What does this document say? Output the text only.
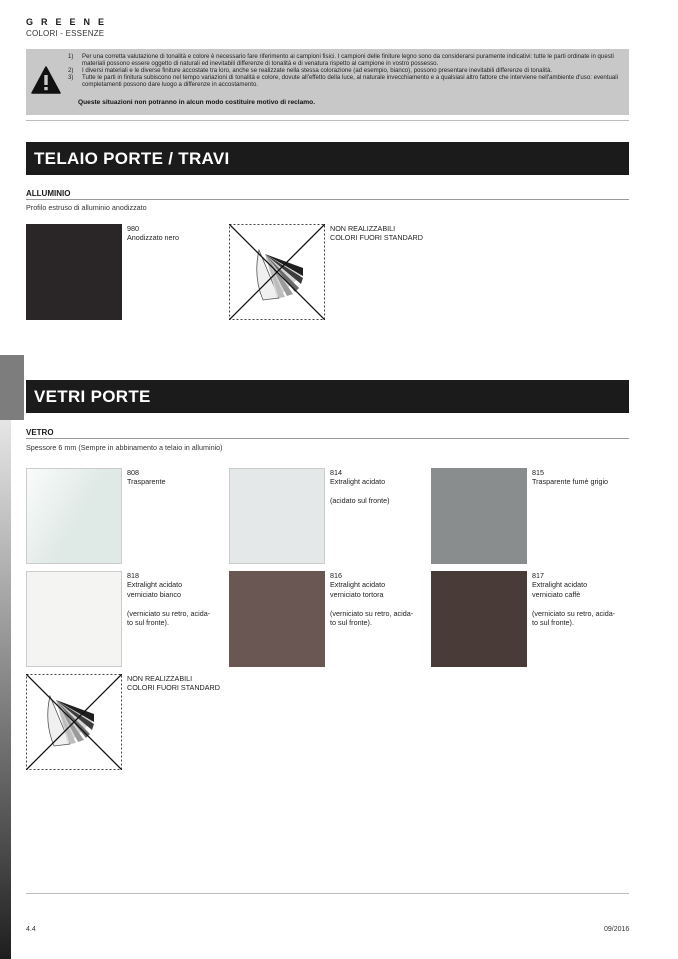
GREENE
COLORI - ESSENZE
1) Per una corretta valutazione di tonalità e colore è necessario fare riferimento ai campioni fisici. I campioni delle finiture legno sono da considerarsi puramente indicativi: tutte le parti ordinate in questi materiali possono essere oggetto di naturali ed inevitabili differenze di tonalità e di venatura rispetto al campione in vostro possesso.
2) I diversi materiali e le diverse finiture accostate tra loro, anche se realizzate nella stessa colorazione (ad esempio, bianco), possono presentare inevitabili differenze di tonalità.
3) Tutte le parti in finitura subiscono nel tempo variazioni di tonalità e colore, dovute all'effetto della luce, al naturale invecchiamento e a qualsiasi altro fattore che interviene nell'ambiente d'uso: eventuali completamenti possono dare luogo a differenze in accostamento.
Queste situazioni non potranno in alcun modo costituire motivo di reclamo.
TELAIO PORTE / TRAVI
ALLUMINIO
Profilo estruso di alluminio anodizzato
980
Anodizzato nero
NON REALIZZABILI
COLORI FUORI STANDARD
VETRI PORTE
VETRO
Spessore 6 mm (Sempre in abbinamento a telaio in alluminio)
808
Trasparente
814
Extralight acidato
(acidato sul fronte)
815
Trasparente fumè grigio
818
Extralight acidato
verniciato bianco
(verniciato su retro, acida-
to sul fronte).
816
Extralight acidato
verniciato tortora
(verniciato su retro, acida-
to sul fronte).
817
Extralight acidato
verniciato caffè
(verniciato su retro, acida-
to sul fronte).
NON REALIZZABILI
COLORI FUORI STANDARD
4.4	09/2016
